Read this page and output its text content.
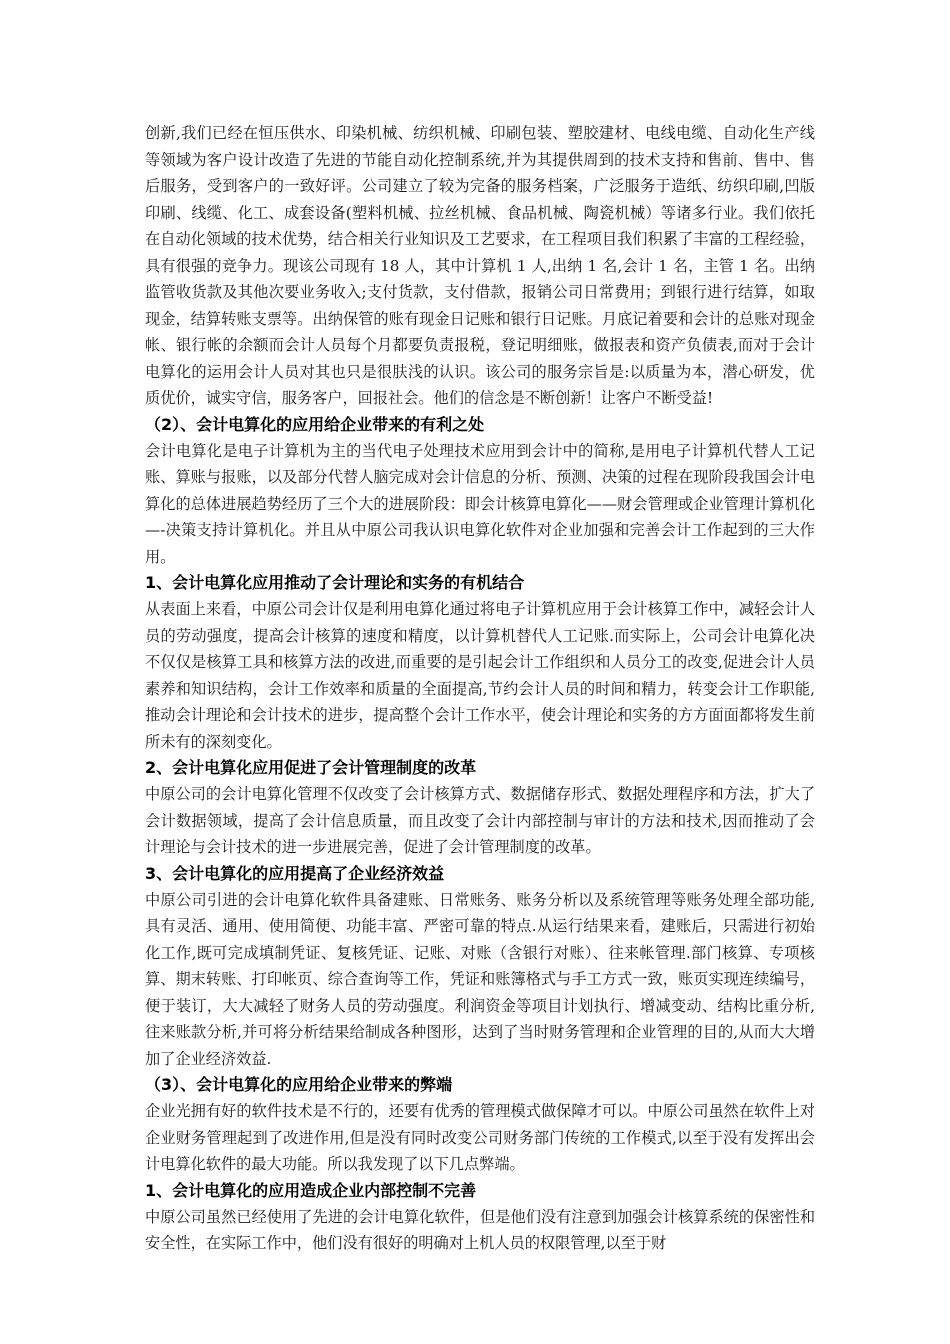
创新,我们已经在恒压供水、印染机械、纺织机械、印刷包装、塑胶建材、电线电缆、自动化生产线等领域为客户设计改造了先进的节能自动化控制系统,并为其提供周到的技术支持和售前、售中、售后服务，受到客户的一致好评。公司建立了较为完备的服务档案，广泛服务于造纸、纺织印刷,凹版印刷、线缆、化工、成套设备(塑料机械、拉丝机械、食品机械、陶瓷机械）等诸多行业。我们依托在自动化领域的技术优势，结合相关行业知识及工艺要求，在工程项目我们积累了丰富的工程经验，具有很强的竞争力。现该公司现有 18 人，其中计算机 1 人,出纳 1 名,会计 1 名，主管 1 名。出纳监管收货款及其他次要业务收入;支付货款，支付借款，报销公司日常费用；到银行进行结算，如取现金，结算转账支票等。出纳保管的账有现金日记账和银行日记账。月底记着要和会计的总账对现金帐、银行帐的余额而会计人员每个月都要负责报税，登记明细账，做报表和资产负债表,而对于会计电算化的运用会计人员对其也只是很肤浅的认识。该公司的服务宗旨是:以质量为本，潜心研发，优质优价，诚实守信，服务客户，回报社会。他们的信念是不断创新！让客户不断受益!

（2）、会计电算化的应用给企业带来的有利之处

会计电算化是电子计算机为主的当代电子处理技术应用到会计中的简称,是用电子计算机代替人工记账、算账与报账，以及部分代替人脑完成对会计信息的分析、预测、决策的过程在现阶段我国会计电算化的总体进展趋势经历了三个大的进展阶段：即会计核算电算化——财会管理或企业管理计算机化—-决策支持计算机化。并且从中原公司我认识电算化软件对企业加强和完善会计工作起到的三大作用。

1、会计电算化应用推动了会计理论和实务的有机结合

从表面上来看，中原公司会计仅是利用电算化通过将电子计算机应用于会计核算工作中，减轻会计人员的劳动强度，提高会计核算的速度和精度，以计算机替代人工记账.而实际上，公司会计电算化决不仅仅是核算工具和核算方法的改进,而重要的是引起会计工作组织和人员分工的改变,促进会计人员素养和知识结构，会计工作效率和质量的全面提高,节约会计人员的时间和精力，转变会计工作职能,推动会计理论和会计技术的进步，提高整个会计工作水平，使会计理论和实务的方方面面都将发生前所未有的深刻变化。

2、会计电算化应用促进了会计管理制度的改革

中原公司的会计电算化管理不仅改变了会计核算方式、数据储存形式、数据处理程序和方法，扩大了会计数据领域，提高了会计信息质量，而且改变了会计内部控制与审计的方法和技术,因而推动了会计理论与会计技术的进一步进展完善，促进了会计管理制度的改革。

3、会计电算化的应用提高了企业经济效益

中原公司引进的会计电算化软件具备建账、日常账务、账务分析以及系统管理等账务处理全部功能,具有灵活、通用、使用简便、功能丰富、严密可靠的特点.从运行结果来看，建账后，只需进行初始化工作,既可完成填制凭证、复核凭证、记账、对账（含银行对账）、往来帐管理.部门核算、专项核算、期末转账、打印帐页、综合查询等工作，凭证和账簿格式与手工方式一致，账页实现连续编号，便于装订，大大减轻了财务人员的劳动强度。利润资金等项目计划执行、增减变动、结构比重分析,往来账款分析,并可将分析结果给制成各种图形，达到了当时财务管理和企业管理的目的,从而大大增加了企业经济效益.

（3）、会计电算化的应用给企业带来的弊端

企业光拥有好的软件技术是不行的，还要有优秀的管理模式做保障才可以。中原公司虽然在软件上对企业财务管理起到了改进作用,但是没有同时改变公司财务部门传统的工作模式,以至于没有发挥出会计电算化软件的最大功能。所以我发现了以下几点弊端。

1、会计电算化的应用造成企业内部控制不完善

中原公司虽然已经使用了先进的会计电算化软件，但是他们没有注意到加强会计核算系统的保密性和安全性，在实际工作中，他们没有很好的明确对上机人员的权限管理,以至于财
